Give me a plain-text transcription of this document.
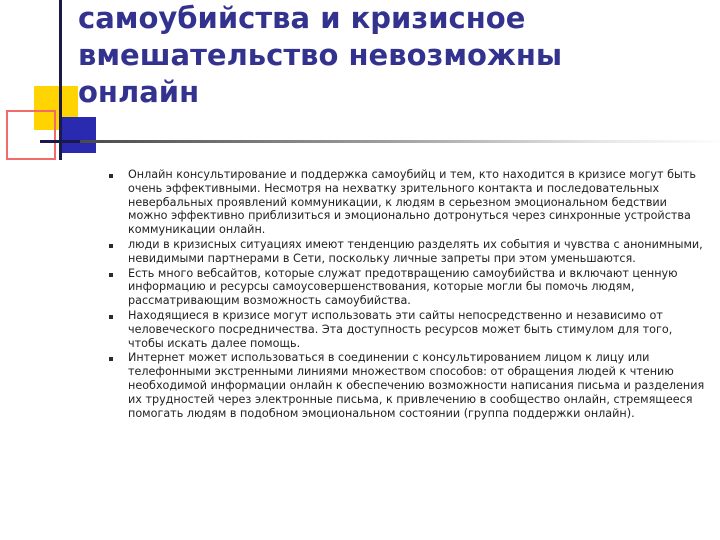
самоубийства и кризисное
вмешательство невозможны
онлайн
Онлайн консультирование и поддержка самоубийц и тем, кто находится в кризисе могут быть очень эффективными. Несмотря на нехватку зрительного контакта и последовательных невербальных проявлений коммуникации, к людям в серьезном эмоциональном бедствии можно эффективно приблизиться и эмоционально дотронуться через синхронные устройства коммуникации онлайн.
люди в кризисных ситуациях имеют тенденцию разделять их события и чувства с анонимными, невидимыми партнерами в Сети, поскольку личные запреты при этом уменьшаются.
Есть много вебсайтов, которые служат предотвращению самоубийства и включают ценную информацию и ресурсы самоусовершенствования, которые могли бы помочь людям, рассматривающим возможность самоубийства.
Находящиеся в кризисе могут использовать эти сайты непосредственно и независимо от человеческого посредничества. Эта доступность ресурсов может быть стимулом для того, чтобы искать далее помощь.
Интернет может использоваться в соединении с консультированием лицом к лицу или телефонными экстренными линиями множеством способов: от обращения людей к чтению необходимой информации онлайн к обеспечению возможности написания письма и разделения их трудностей через электронные письма, к привлечению в сообщество онлайн, стремящееся помогать людям в подобном эмоциональном состоянии (группа поддержки онлайн).
